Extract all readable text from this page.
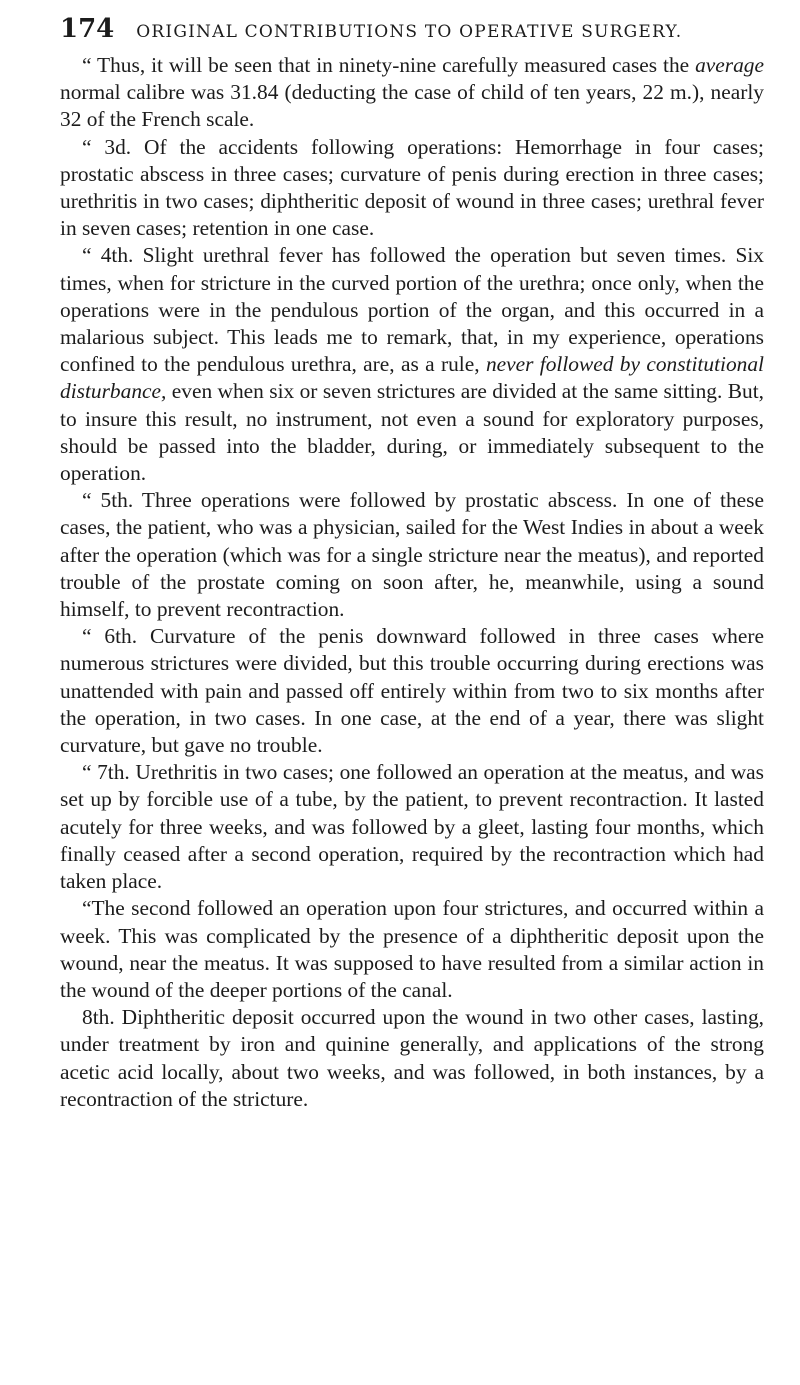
174 ORIGINAL CONTRIBUTIONS TO OPERATIVE SURGERY.

“ Thus, it will be seen that in ninety-nine carefully measured cases the average normal calibre was 31.84 (deducting the case of child of ten years, 22 m.), nearly 32 of the French scale.

“ 3d. Of the accidents following operations: Hemorrhage in four cases; prostatic abscess in three cases; curvature of penis during erection in three cases; urethritis in two cases; diphtheritic deposit of wound in three cases; urethral fever in seven cases; retention in one case.

“ 4th. Slight urethral fever has followed the operation but seven times. Six times, when for stricture in the curved portion of the urethra; once only, when the operations were in the pendulous portion of the organ, and this occurred in a malarious subject. This leads me to remark, that, in my experience, operations confined to the pendulous urethra, are, as a rule, never followed by constitutional disturbance, even when six or seven strictures are divided at the same sitting. But, to insure this result, no instrument, not even a sound for exploratory purposes, should be passed into the bladder, during, or immediately subsequent to the operation.

“ 5th. Three operations were followed by prostatic abscess. In one of these cases, the patient, who was a physician, sailed for the West Indies in about a week after the operation (which was for a single stricture near the meatus), and reported trouble of the prostate coming on soon after, he, meanwhile, using a sound himself, to prevent recontraction.

“ 6th. Curvature of the penis downward followed in three cases where numerous strictures were divided, but this trouble occurring during erections was unattended with pain and passed off entirely within from two to six months after the operation, in two cases. In one case, at the end of a year, there was slight curvature, but gave no trouble.

“ 7th. Urethritis in two cases; one followed an operation at the meatus, and was set up by forcible use of a tube, by the patient, to prevent recontraction. It lasted acutely for three weeks, and was followed by a gleet, lasting four months, which finally ceased after a second operation, required by the recontraction which had taken place.

“The second followed an operation upon four strictures, and occurred within a week. This was complicated by the presence of a diphtheritic deposit upon the wound, near the meatus. It was supposed to have resulted from a similar action in the wound of the deeper portions of the canal.

8th. Diphtheritic deposit occurred upon the wound in two other cases, lasting, under treatment by iron and quinine generally, and applications of the strong acetic acid locally, about two weeks, and was followed, in both instances, by a recontraction of the stricture.
